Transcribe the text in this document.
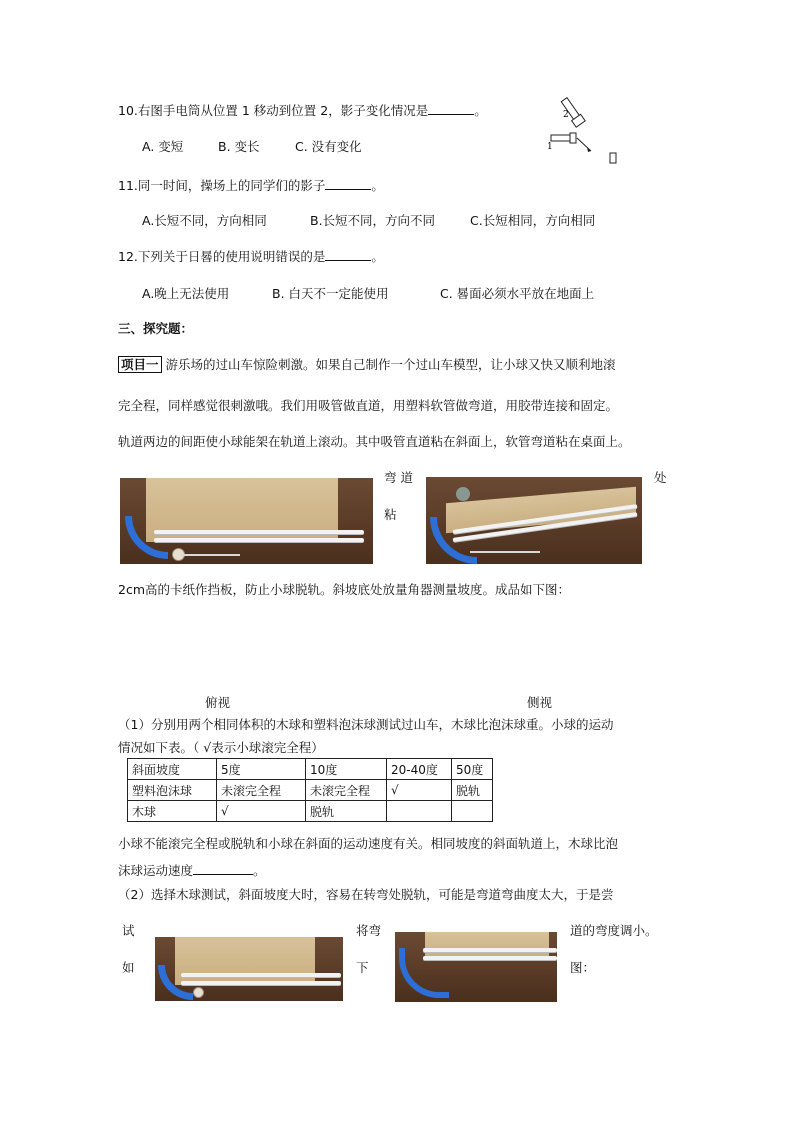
10.右图手电筒从位置 1 移动到位置 2，影子变化情况是	。
A. 变短	B. 变长	C. 没有变化
2
1
11.同一时间，操场上的同学们的影子	。
A.长短不同，方向相同	B.长短不同，方向不同	C.长短相同，方向相同
12.下列关于日晷的使用说明错误的是	。
A.晚上无法使用	B. 白天不一定能使用	C. 晷面必须水平放在地面上
三、探究题：
项目一 游乐场的过山车惊险刺激。如果自己制作一个过山车模型，让小球又快又顺利地滚
完全程，同样感觉很刺激哦。我们用吸管做直道，用塑料软管做弯道，用胶带连接和固定。
轨道两边的间距使小球能架在轨道上滚动。其中吸管直道粘在斜面上，软管弯道粘在桌面上。
弯 道	处
粘
2cm高的卡纸作挡板，防止小球脱轨。斜坡底处放量角器测量坡度。成品如下图：
俯视	侧视
（1）分别用两个相同体积的木球和塑料泡沫球测试过山车，木球比泡沫球重。小球的运动
情况如下表。（ √表示小球滚完全程）
斜面坡度	5度	10度	20-40度	50度
塑料泡沫球	未滚完全程	未滚完全程	√	脱轨
木球	√	脱轨		
小球不能滚完全程或脱轨和小球在斜面的运动速度有关。相同坡度的斜面轨道上，木球比泡
沫球运动速度	。
（2）选择木球测试，斜面坡度大时，容易在转弯处脱轨，可能是弯道弯曲度太大，于是尝
试	将弯	道的弯度调小。
如	下	图：
